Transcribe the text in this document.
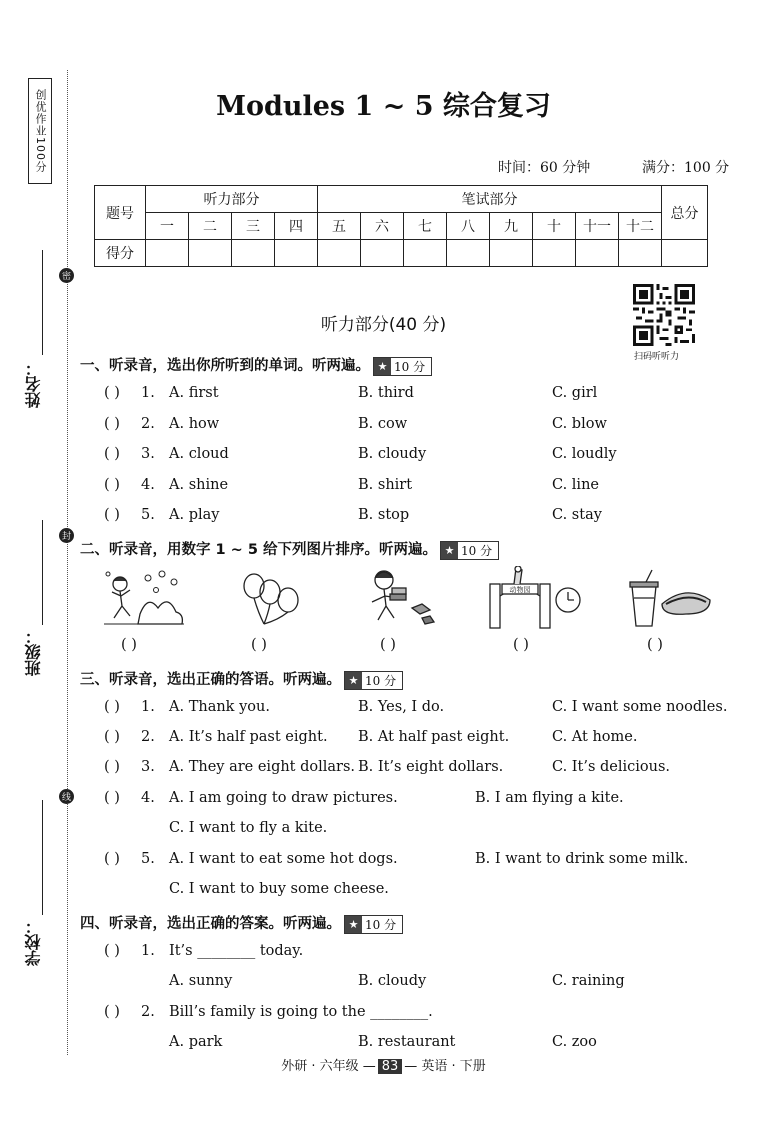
创优作业100分
密
封
线
姓名：
班级：
学校：
Modules 1 ~ 5 综合复习
时间：60 分钟	满分：100 分
题号	听力部分				笔试部分								总分
	一	二	三	四	五	六	七	八	九	十	十一	十二	
得分													
扫码听听力
听力部分(40 分)
一、听录音，选出你所听到的单词。听两遍。 ★ 10 分
( ) 1. A. first	B. third	C. girl
( ) 2. A. how	B. cow	C. blow
( ) 3. A. cloud	B. cloudy	C. loudly
( ) 4. A. shine	B. shirt	C. line
( ) 5. A. play	B. stop	C. stay
二、听录音，用数字 1 ~ 5 给下列图片排序。听两遍。 ★ 10 分
动物园
( )	( )	( )	( )	( )
三、听录音，选出正确的答语。听两遍。 ★ 10 分
( ) 1. A. Thank you.	B. Yes, I do.	C. I want some noodles.
( ) 2. A. It’s half past eight. B. At half past eight.	C. At home.
( ) 3. A. They are eight dollars. B. It’s eight dollars.	C. It’s delicious.
( ) 4. A. I am going to draw pictures.	B. I am flying a kite.
C. I want to fly a kite.
( ) 5. A. I want to eat some hot dogs.	B. I want to drink some milk.
C. I want to buy some cheese.
四、听录音，选出正确的答案。听两遍。 ★ 10 分
( ) 1. It’s ________ today.
A. sunny	B. cloudy	C. raining
( ) 2. Bill’s family is going to the ________.
A. park	B. restaurant	C. zoo
外研 · 六年级 — 83 — 英语 · 下册
